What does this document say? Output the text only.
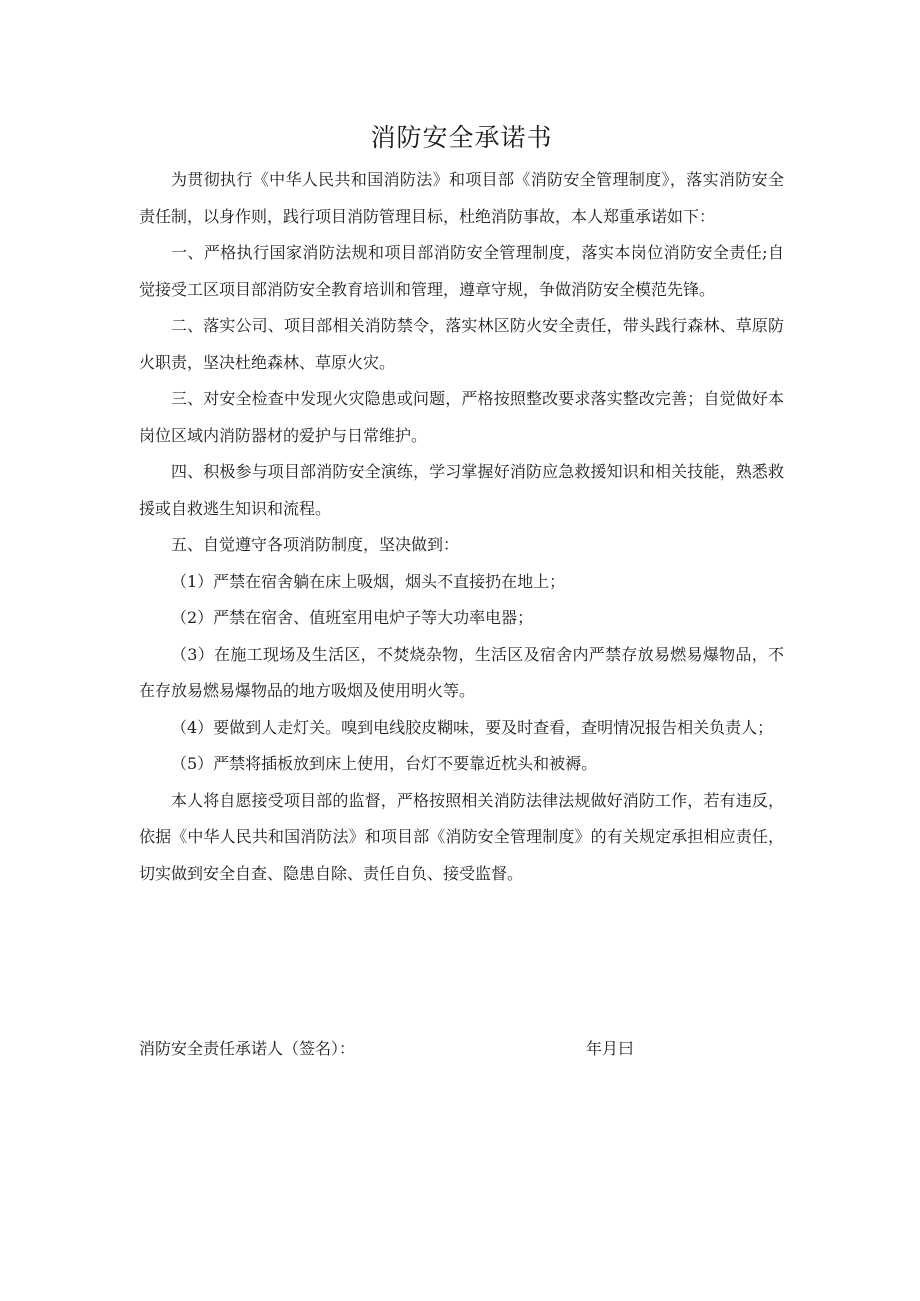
消防安全承诺书

为贯彻执行《中华人民共和国消防法》和项目部《消防安全管理制度》，落实消防安全责任制，以身作则，践行项目消防管理目标，杜绝消防事故，本人郑重承诺如下：

一、严格执行国家消防法规和项目部消防安全管理制度，落实本岗位消防安全责任;自觉接受工区项目部消防安全教育培训和管理，遵章守规，争做消防安全模范先锋。

二、落实公司、项目部相关消防禁令，落实林区防火安全责任，带头践行森林、草原防火职责，坚决杜绝森林、草原火灾。

三、对安全检查中发现火灾隐患或问题，严格按照整改要求落实整改完善；自觉做好本岗位区域内消防器材的爱护与日常维护。

四、积极参与项目部消防安全演练，学习掌握好消防应急救援知识和相关技能，熟悉救援或自救逃生知识和流程。

五、自觉遵守各项消防制度，坚决做到：

（1）严禁在宿舍躺在床上吸烟，烟头不直接扔在地上；

（2）严禁在宿舍、值班室用电炉子等大功率电器；

（3）在施工现场及生活区，不焚烧杂物，生活区及宿舍内严禁存放易燃易爆物品，不在存放易燃易爆物品的地方吸烟及使用明火等。

（4）要做到人走灯关。嗅到电线胶皮糊味，要及时查看，查明情况报告相关负责人；

（5）严禁将插板放到床上使用，台灯不要靠近枕头和被褥。

本人将自愿接受项目部的监督，严格按照相关消防法律法规做好消防工作，若有违反，依据《中华人民共和国消防法》和项目部《消防安全管理制度》的有关规定承担相应责任，切实做到安全自查、隐患自除、责任自负、接受监督。

消防安全责任承诺人（签名）：	年月曰
